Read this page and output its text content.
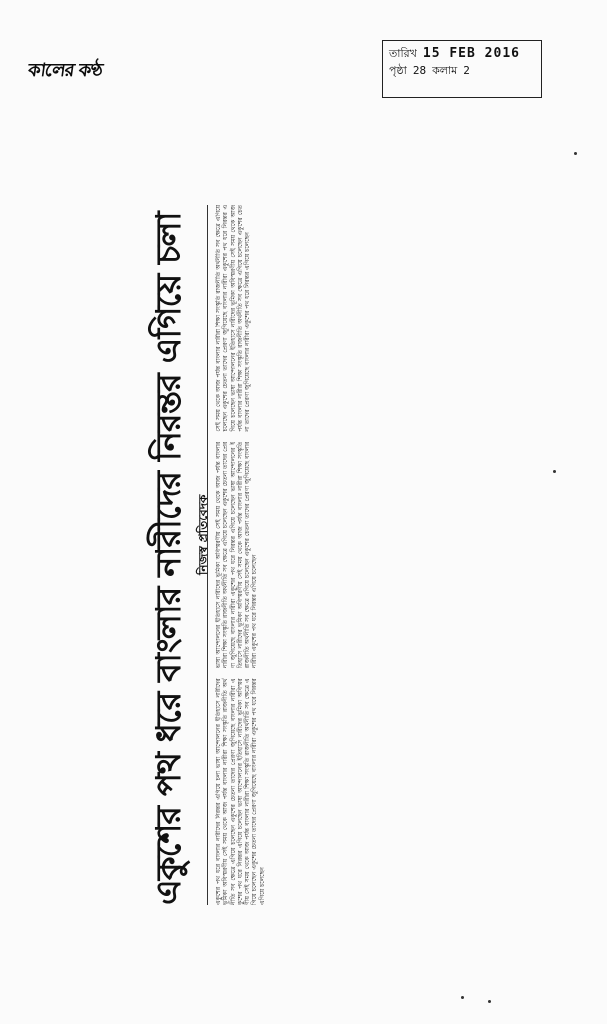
কালের কণ্ঠ
তারিখ 15 FEB 2016
পৃষ্ঠা 28 কলাম 2
একুশের পথ ধরে বাংলার নারীদের নিরন্তর এগিয়ে চলা নিজস্ব প্রতিবেদক
একুশের পথ ধরে বাংলার নারীদের নিরন্তর এগিয়ে চলা ভাষা আন্দোলনের ইতিহাসে নারীদের ভূমিকা অবিস্মরণীয় সেই সময় থেকে আজ পর্যন্ত বাংলার নারীরা শিক্ষা সংস্কৃতি রাজনীতি অর্থনীতি সব ক্ষেত্রে এগিয়ে চলেছেন একুশের চেতনা তাদের প্রেরণা জুগিয়েছে বাংলার নারীরা একুশের পথ ধরে নিরন্তর এগিয়ে চলেছেন ভাষা আন্দোলনের ইতিহাসে নারীদের ভূমিকা অবিস্মরণীয় সেই সময় থেকে আজ পর্যন্ত বাংলার নারীরা শিক্ষা সংস্কৃতি রাজনীতি অর্থনীতি সব ক্ষেত্রে এগিয়ে চলেছেন একুশের চেতনা তাদের প্রেরণা জুগিয়েছে বাংলার নারীরা একুশের পথ ধরে নিরন্তর এগিয়ে চলেছেন
ভাষা আন্দোলনের ইতিহাসে নারীদের ভূমিকা অবিস্মরণীয় সেই সময় থেকে আজ পর্যন্ত বাংলার নারীরা শিক্ষা সংস্কৃতি রাজনীতি অর্থনীতি সব ক্ষেত্রে এগিয়ে চলেছেন একুশের চেতনা তাদের প্রেরণা জুগিয়েছে বাংলার নারীরা একুশের পথ ধরে নিরন্তর এগিয়ে চলেছেন ভাষা আন্দোলনের ইতিহাসে নারীদের ভূমিকা অবিস্মরণীয় সেই সময় থেকে আজ পর্যন্ত বাংলার নারীরা শিক্ষা সংস্কৃতি রাজনীতি অর্থনীতি সব ক্ষেত্রে এগিয়ে চলেছেন একুশের চেতনা তাদের প্রেরণা জুগিয়েছে বাংলার নারীরা একুশের পথ ধরে নিরন্তর এগিয়ে চলেছেন
সেই সময় থেকে আজ পর্যন্ত বাংলার নারীরা শিক্ষা সংস্কৃতি রাজনীতি অর্থনীতি সব ক্ষেত্রে এগিয়ে চলেছেন একুশের চেতনা তাদের প্রেরণা জুগিয়েছে বাংলার নারীরা একুশের পথ ধরে নিরন্তর এগিয়ে চলেছেন ভাষা আন্দোলনের ইতিহাসে নারীদের ভূমিকা অবিস্মরণীয় সেই সময় থেকে আজ পর্যন্ত বাংলার নারীরা শিক্ষা সংস্কৃতি রাজনীতি অর্থনীতি সব ক্ষেত্রে এগিয়ে চলেছেন একুশের চেতনা তাদের প্রেরণা জুগিয়েছে বাংলার নারীরা একুশের পথ ধরে নিরন্তর এগিয়ে চলেছেন
